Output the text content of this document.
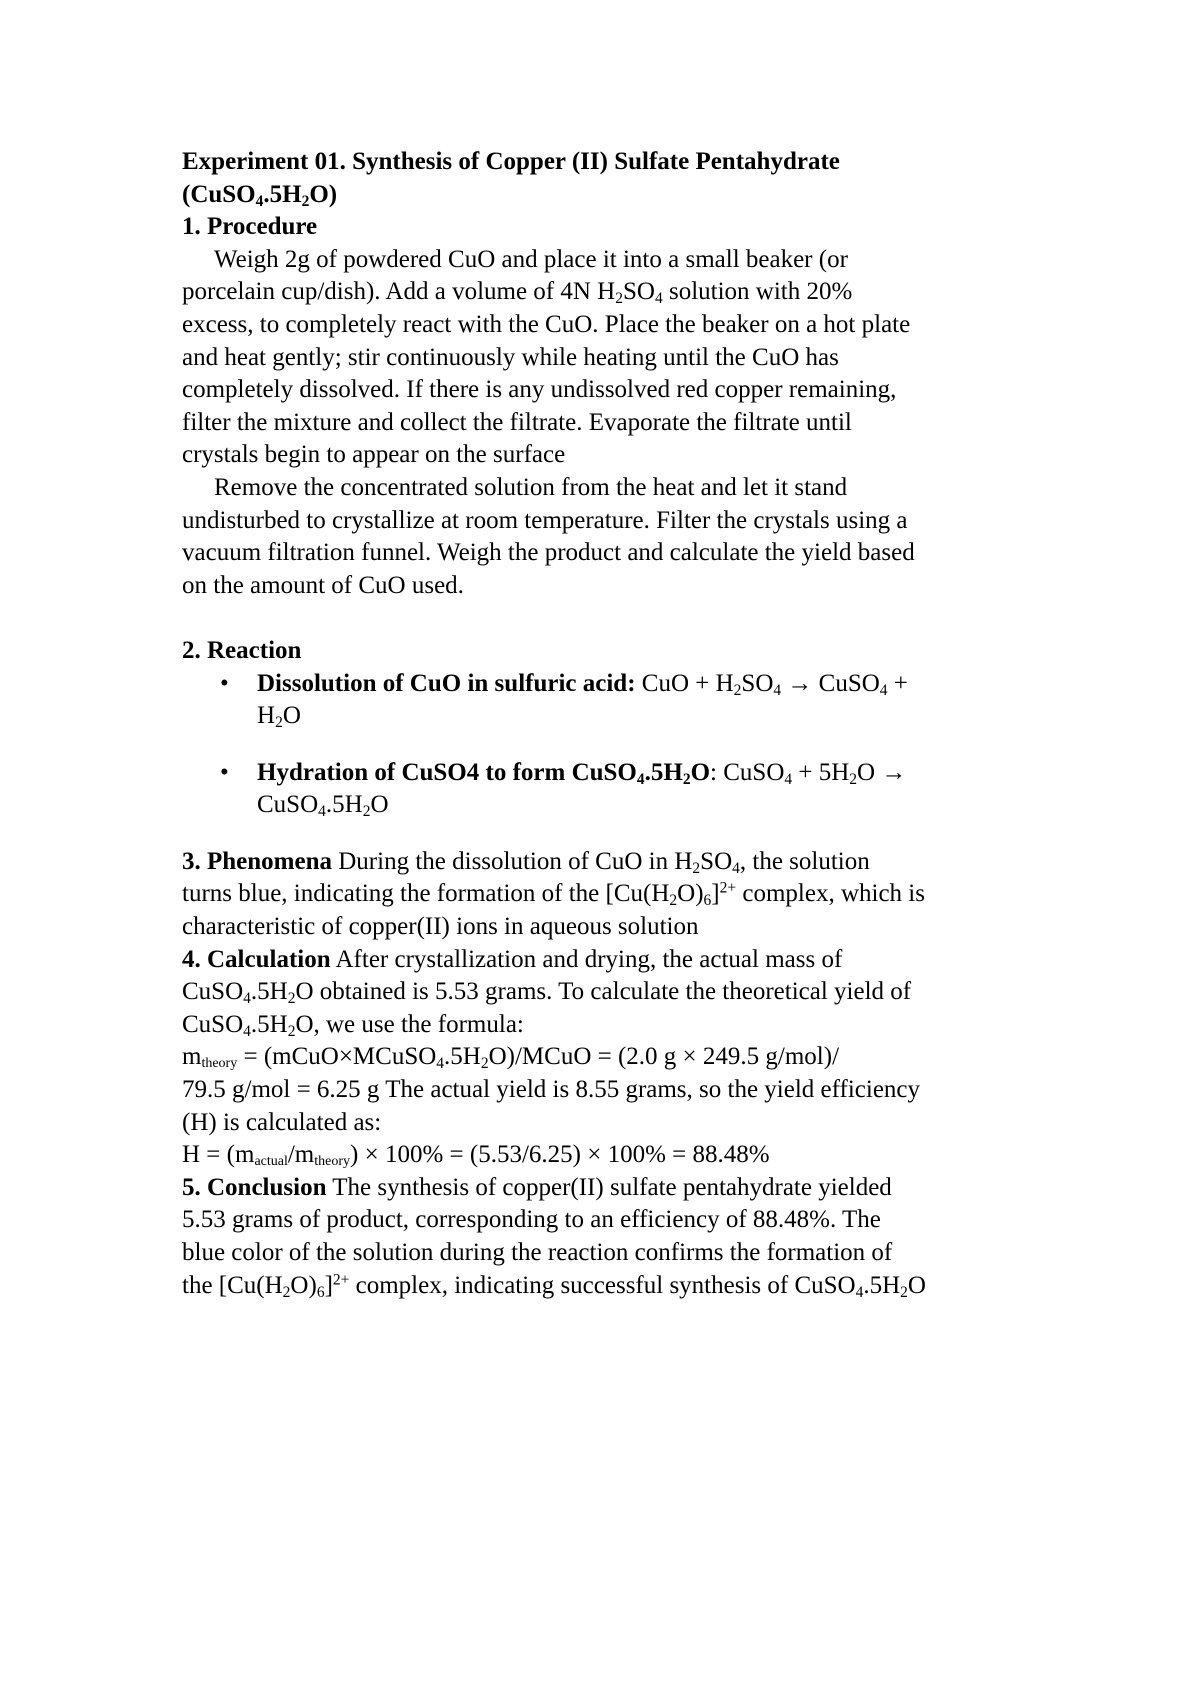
Experiment 01. Synthesis of Copper (II) Sulfate Pentahydrate
$(CuSO_4.5H_2O)$
1. Procedure
Weigh 2g of powdered CuO and place it into a small beaker (or
porcelain cup/dish). Add a volume of 4N $H_2SO_4$ solution with 20%
excess, to completely react with the CuO. Place the beaker on a hot plate
and heat gently; stir continuously while heating until the CuO has
completely dissolved. If there is any undissolved red copper remaining,
filter the mixture and collect the filtrate. Evaporate the filtrate until
crystals begin to appear on the surface
Remove the concentrated solution from the heat and let it stand
undisturbed to crystallize at room temperature. Filter the crystals using a
vacuum filtration funnel. Weigh the product and calculate the yield based
on the amount of CuO used.
2. Reaction
• Dissolution of CuO in sulfuric acid: CuO + $H_2SO_4$ → CuSO$_4$ +
$H_2O$
• Hydration of CuSO4 to form $CuSO_4.5H_2O$: CuSO$_4$ + $5H_2O$ →
$CuSO_4.5H_2O$
3. Phenomena During the dissolution of CuO in $H_2SO_4$, the solution
turns blue, indicating the formation of the $[Cu(H_2O)_6]^{2+}$ complex, which is
characteristic of copper(II) ions in aqueous solution
4. Calculation After crystallization and drying, the actual mass of
$CuSO_4.5H_2O$ obtained is 5.53 grams. To calculate the theoretical yield of
$CuSO_4.5H_2O$, we use the formula:
mtheory = $(mCuO\times MCuSO_4.5H_2O)$/MCuO = (2.0 g × 249.5 g/mol)/
79.5 g/mol = 6.25 g The actual yield is 8.55 grams, so the yield efficiency
(H) is calculated as:
H = (mactual/mtheory) × 100% = (5.53/6.25) × 100% = 88.48%
5. Conclusion The synthesis of copper(II) sulfate pentahydrate yielded
5.53 grams of product, corresponding to an efficiency of 88.48%. The
blue color of the solution during the reaction confirms the formation of
the $[Cu(H_2O)_6]^{2+}$ complex, indicating successful synthesis of $CuSO_4.5H_2O$
